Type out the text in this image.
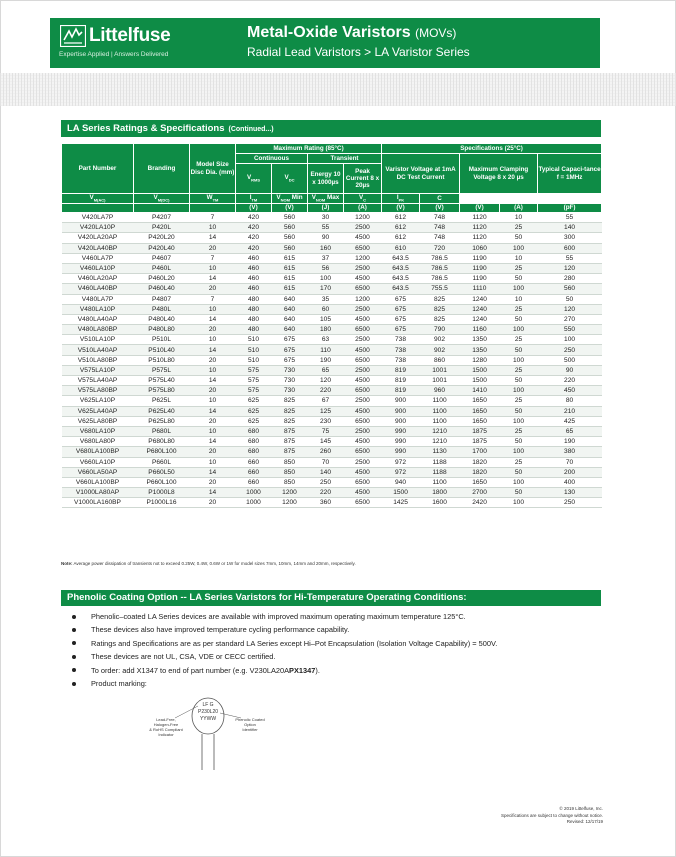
Littelfuse
Expertise Applied | Answers Delivered
Metal-Oxide Varistors (MOVs)
Radial Lead Varistors > LA Varistor Series
LA Series Ratings & Specifications (Continued...)
Part Number	Branding	Model Size Disc Dia. (mm)	Maximum Rating (85°C)				Specifications (25°C)				
			Continuous		Transient		Varistor Voltage at 1mA DC Test Current		Maximum Clamping Voltage 8 x 20 µs		Typical Capaci-tance f = 1MHz
			$V_{RMS}$	$V_{DC}$	Energy 10 x 1000µs	Peak Current 8 x 20µs					
$V_{M(AC)}$	$V_{M(DC)}$	$W_{TM}$	$I_{TM}$	$V_{NOM}$ Min	$V_{NOM}$ Max	$V_C$	$I_{PK}$	C			
			(V)	(V)	(J)	(A)	(V)	(V)	(V)	(A)	(pF)
V420LA7P	P4207	7	420	560	30	1200	612	748	1120	10	55
V420LA10P	P420L	10	420	560	55	2500	612	748	1120	25	140
V420LA20AP	P420L20	14	420	560	90	4500	612	748	1120	50	300
V420LA40BP	P420L40	20	420	560	160	6500	610	720	1060	100	600
V460LA7P	P4607	7	460	615	37	1200	643.5	786.5	1190	10	55
V460LA10P	P460L	10	460	615	56	2500	643.5	786.5	1190	25	120
V460LA20AP	P460L20	14	460	615	100	4500	643.5	786.5	1190	50	280
V460LA40BP	P460L40	20	460	615	170	6500	643.5	755.5	1110	100	560
V480LA7P	P4807	7	480	640	35	1200	675	825	1240	10	50
V480LA10P	P480L	10	480	640	60	2500	675	825	1240	25	120
V480LA40AP	P480L40	14	480	640	105	4500	675	825	1240	50	270
V480LA80BP	P480L80	20	480	640	180	6500	675	790	1160	100	550
V510LA10P	P510L	10	510	675	63	2500	738	902	1350	25	100
V510LA40AP	P510L40	14	510	675	110	4500	738	902	1350	50	250
V510LA80BP	P510L80	20	510	675	190	6500	738	860	1280	100	500
V575LA10P	P575L	10	575	730	65	2500	819	1001	1500	25	90
V575LA40AP	P575L40	14	575	730	120	4500	819	1001	1500	50	220
V575LA80BP	P575L80	20	575	730	220	6500	819	960	1410	100	450
V625LA10P	P625L	10	625	825	67	2500	900	1100	1650	25	80
V625LA40AP	P625L40	14	625	825	125	4500	900	1100	1650	50	210
V625LA80BP	P625L80	20	625	825	230	6500	900	1100	1650	100	425
V680LA10P	P680L	10	680	875	75	2500	990	1210	1875	25	65
V680LA80P	P680L80	14	680	875	145	4500	990	1210	1875	50	190
V680LA100BP	P680L100	20	680	875	260	6500	990	1130	1700	100	380
V660LA10P	P660L	10	660	850	70	2500	972	1188	1820	25	70
V660LA50AP	P660L50	14	660	850	140	4500	972	1188	1820	50	200
V660LA100BP	P660L100	20	660	850	250	6500	940	1100	1650	100	400
V1000LA80AP	P1000L8	14	1000	1200	220	4500	1500	1800	2700	50	130
V1000LA160BP	P1000L16	20	1000	1200	360	6500	1425	1600	2420	100	250
Note: Average power dissipation of transients not to exceed 0.25W, 0.4W, 0.6W or 1W for model sizes 7mm, 10mm, 14mm and 20mm, respectively.
Phenolic Coating Option -- LA Series Varistors for Hi-Temperature Operating Conditions:
Phenolic–coated LA Series devices are available with improved maximum operating maximum temperature 125°C.
These devices also have improved temperature cycling performance capability.
Ratings and Specifications are as per standard LA Series except Hi–Pot Encapsulation (Isolation Voltage Capability) = 500V.
These devices are not UL, CSA, VDE or CECC certified.
To order: add X1347 to end of part number (e.g. V230LA20APX1347).
Product marking:
LF G
P230L20
YYWW
Lead-Free,
Halogen-Free
& RoHS Compliant
Indicator
Phenolic Coated
Option
Identifier
© 2019 Littelfuse, Inc.
Specifications are subject to change without notice.
Revised: 12/17/19
